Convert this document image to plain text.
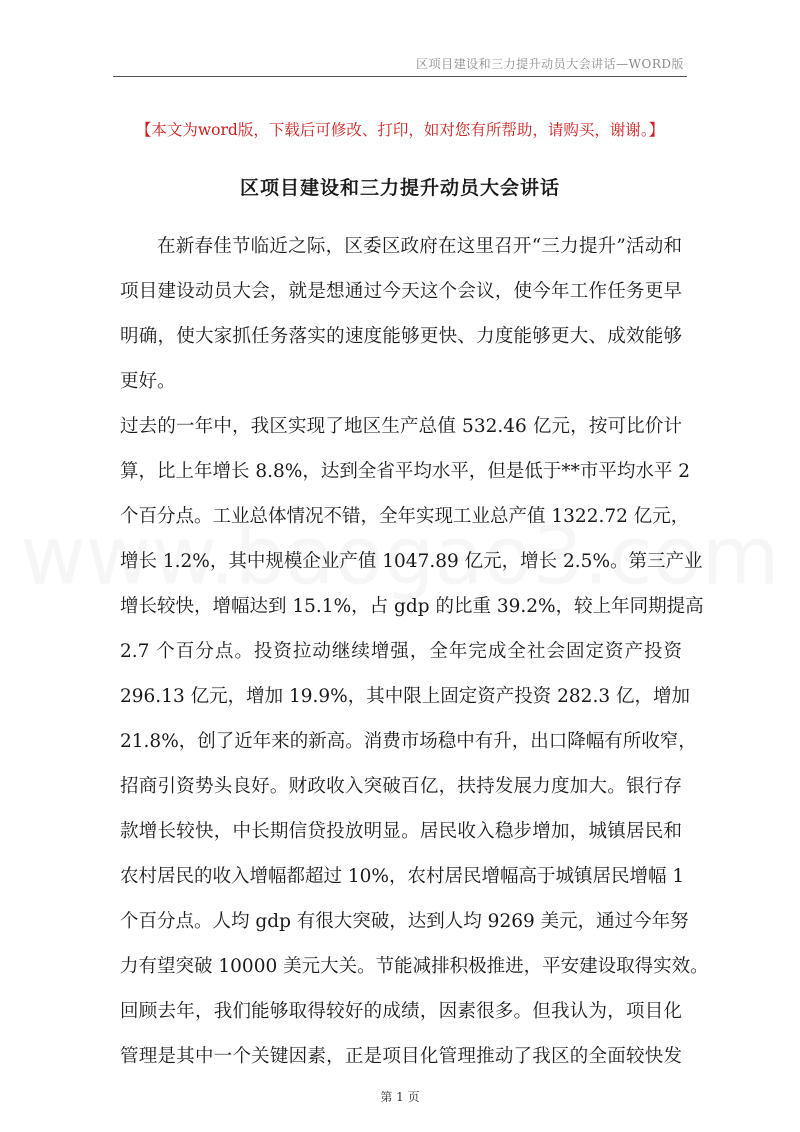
区项目建设和三力提升动员大会讲话—WORD版
【本文为word版，下载后可修改、打印，如对您有所帮助，请购买，谢谢。】
区项目建设和三力提升动员大会讲话
在新春佳节临近之际，区委区政府在这里召开“三力提升”活动和
项目建设动员大会，就是想通过今天这个会议，使今年工作任务更早
明确，使大家抓任务落实的速度能够更快、力度能够更大、成效能够
更好。
过去的一年中，我区实现了地区生产总值 532.46 亿元，按可比价计
算，比上年增长 8.8%，达到全省平均水平，但是低于**市平均水平 2
个百分点。工业总体情况不错，全年实现工业总产值 1322.72 亿元，
增长 1.2%，其中规模企业产值 1047.89 亿元，增长 2.5%。第三产业
增长较快，增幅达到 15.1%，占 gdp 的比重 39.2%，较上年同期提高
2.7 个百分点。投资拉动继续增强，全年完成全社会固定资产投资
296.13 亿元，增加 19.9%，其中限上固定资产投资 282.3 亿，增加
21.8%，创了近年来的新高。消费市场稳中有升，出口降幅有所收窄，
招商引资势头良好。财政收入突破百亿，扶持发展力度加大。银行存
款增长较快，中长期信贷投放明显。居民收入稳步增加，城镇居民和
农村居民的收入增幅都超过 10%，农村居民增幅高于城镇居民增幅 1
个百分点。人均 gdp 有很大突破，达到人均 9269 美元，通过今年努
力有望突破 10000 美元大关。节能减排积极推进，平安建设取得实效。
回顾去年，我们能够取得较好的成绩，因素很多。但我认为，项目化
管理是其中一个关键因素，正是项目化管理推动了我区的全面较快发
第 1 页
